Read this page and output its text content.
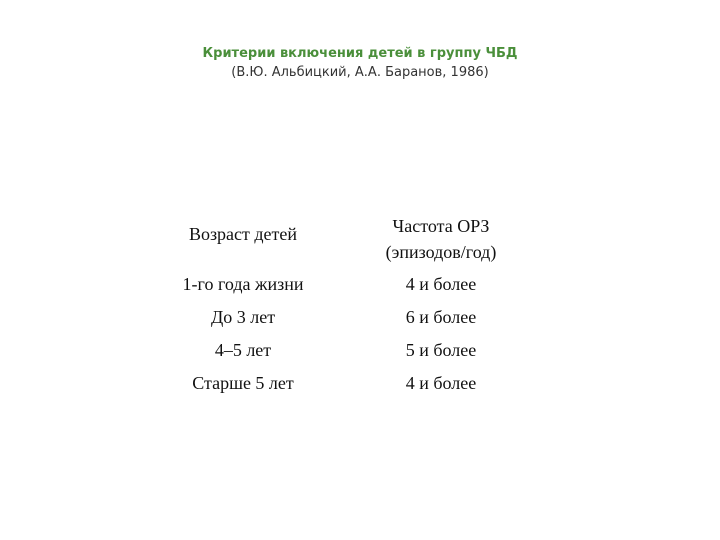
Критерии включения детей в группу ЧБД
(В.Ю. Альбицкий, А.А. Баранов, 1986)
Возраст детей	Частота ОРЗ
(эпизодов/год)
1-го года жизни	4 и более
До 3 лет	6 и более
4–5 лет	5 и более
Старше 5 лет	4 и более
